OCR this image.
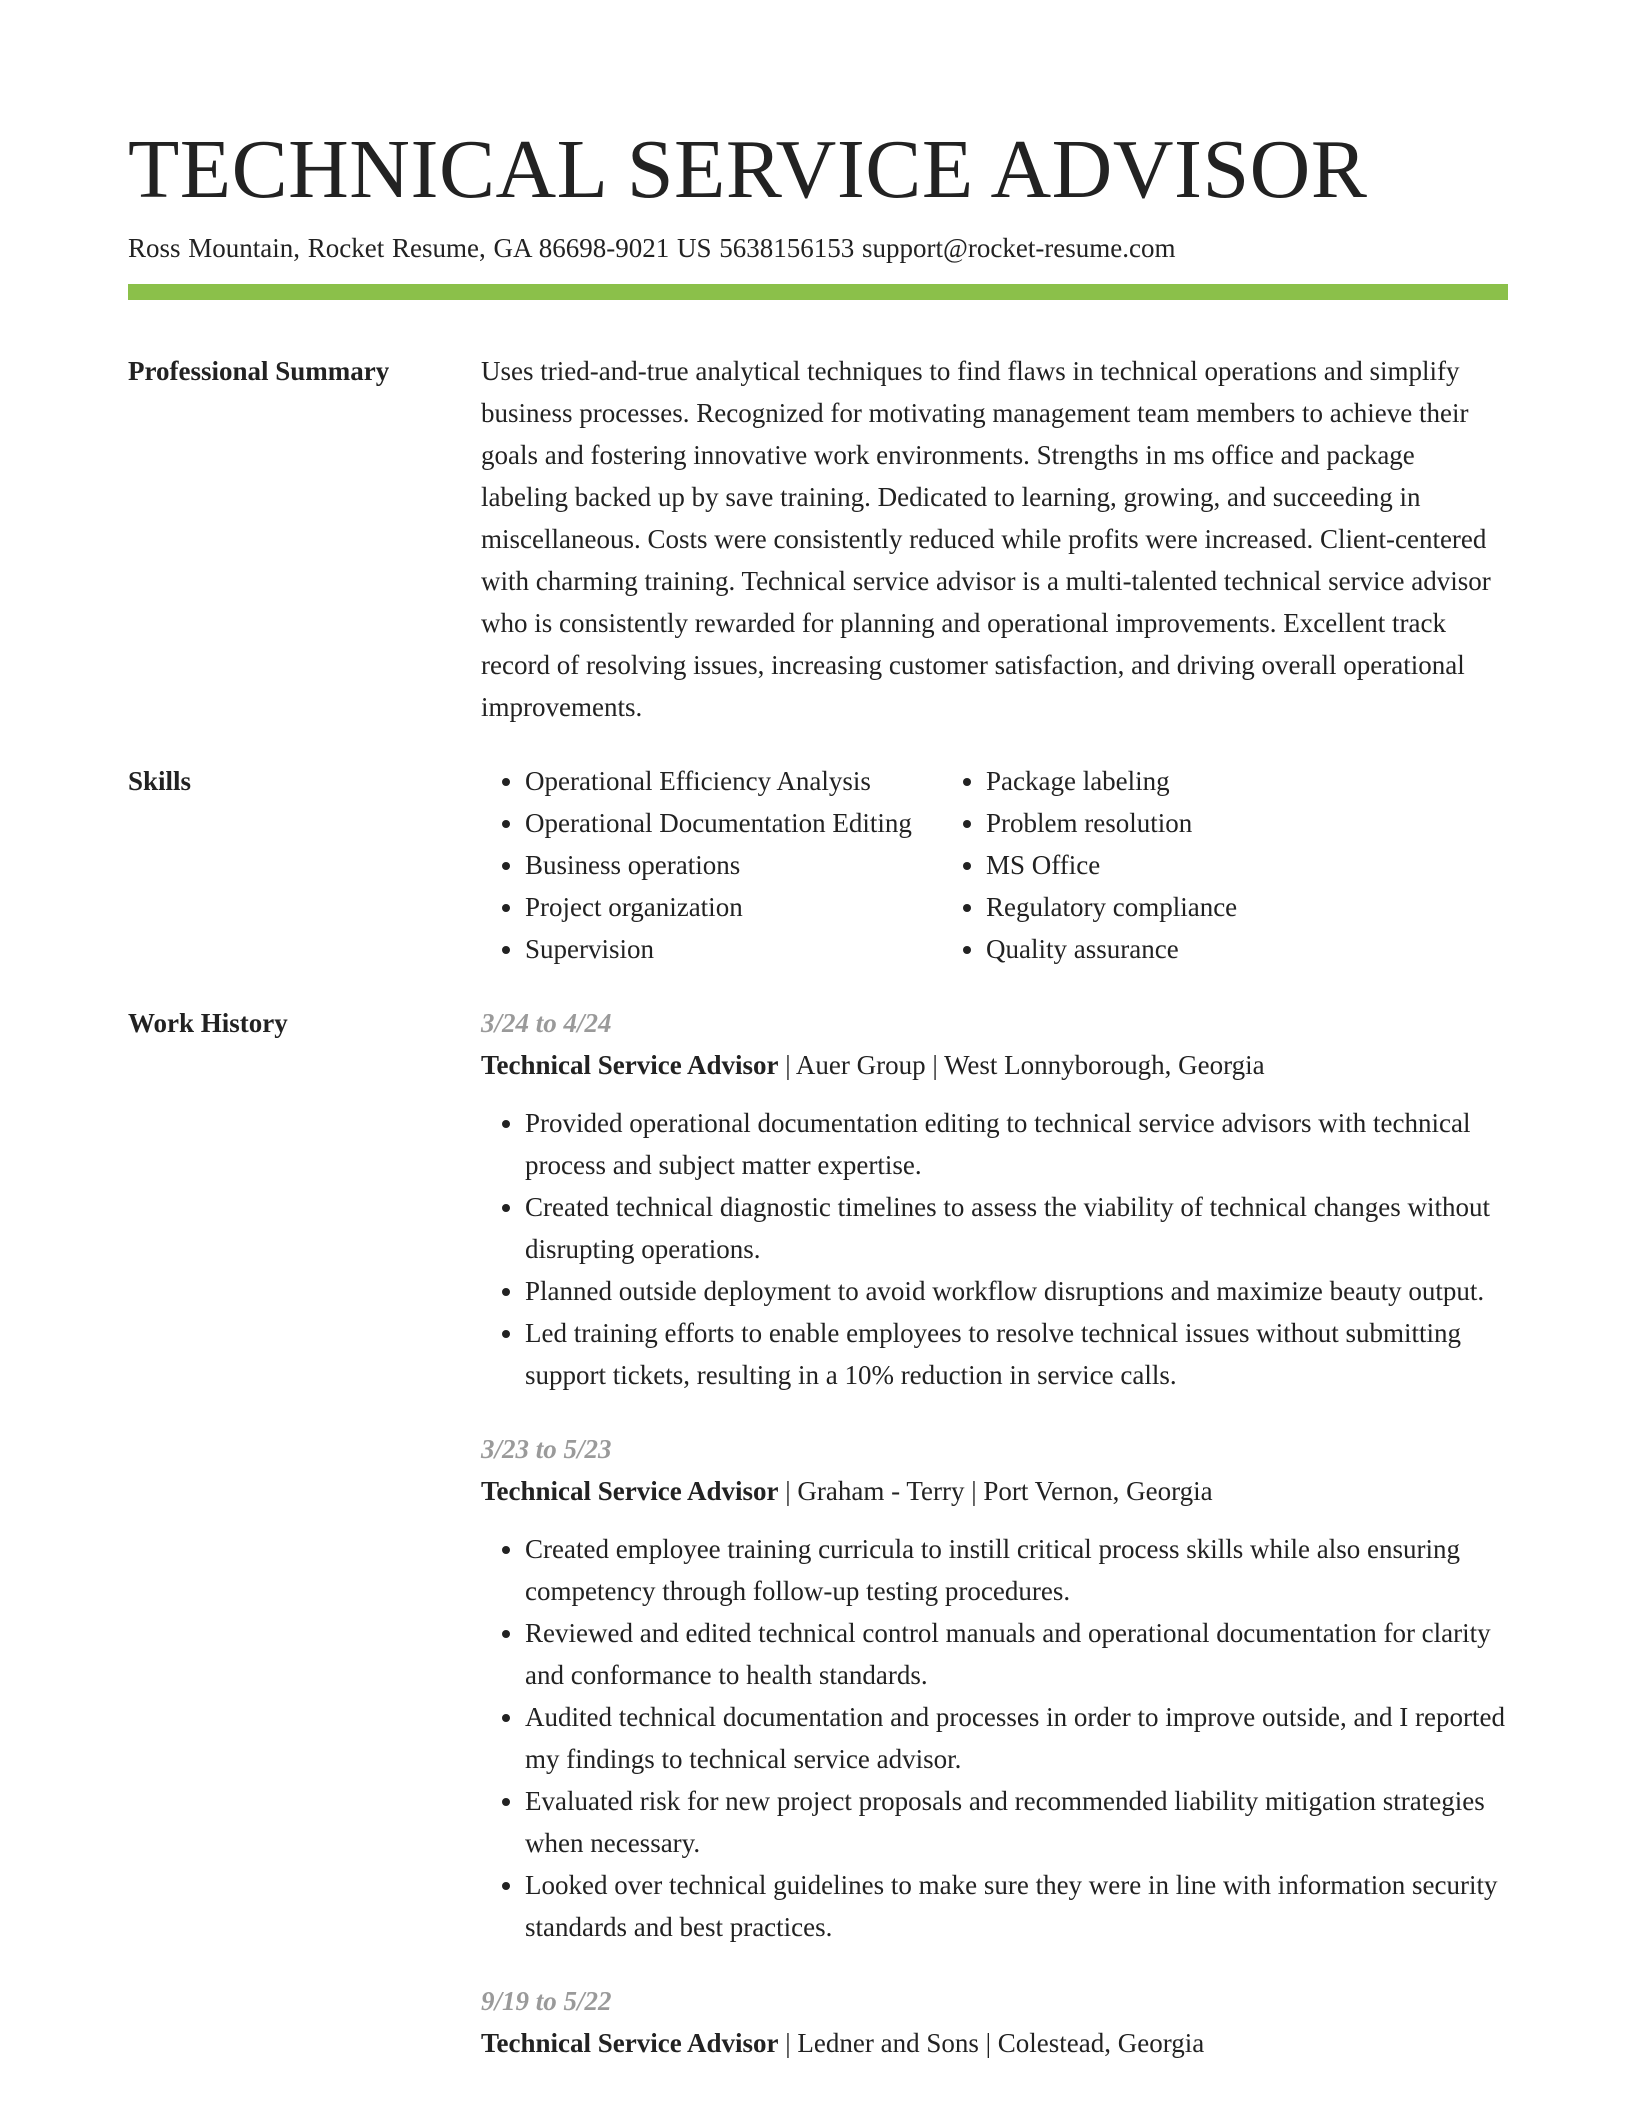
TECHNICAL SERVICE ADVISOR
Ross Mountain, Rocket Resume, GA 86698-9021 US 5638156153 support@rocket-resume.com
Professional Summary	Uses tried-and-true analytical techniques to find flaws in technical operations and simplify business processes. Recognized for motivating management team members to achieve their goals and fostering innovative work environments. Strengths in ms office and package labeling backed up by save training. Dedicated to learning, growing, and succeeding in miscellaneous. Costs were consistently reduced while profits were increased. Client-centered with charming training. Technical service advisor is a multi-talented technical service advisor who is consistently rewarded for planning and operational improvements. Excellent track record of resolving issues, increasing customer satisfaction, and driving overall operational improvements.
Skills
•	Operational Efficiency Analysis
• Operational Documentation Editing
• Business operations
• Project organization
• Supervision
• Package labeling
• Problem resolution
• MS Office
• Regulatory compliance
• Quality assurance
Work History	3/24 to 4/24
Technical Service Advisor | Auer Group | West Lonnyborough, Georgia
• Provided operational documentation editing to technical service advisors with technical process and subject matter expertise.
• Created technical diagnostic timelines to assess the viability of technical changes without disrupting operations.
• Planned outside deployment to avoid workflow disruptions and maximize beauty output.
• Led training efforts to enable employees to resolve technical issues without submitting support tickets, resulting in a 10% reduction in service calls.
3/23 to 5/23
Technical Service Advisor | Graham - Terry | Port Vernon, Georgia
• Created employee training curricula to instill critical process skills while also ensuring competency through follow-up testing procedures.
• Reviewed and edited technical control manuals and operational documentation for clarity and conformance to health standards.
• Audited technical documentation and processes in order to improve outside, and I reported my findings to technical service advisor.
• Evaluated risk for new project proposals and recommended liability mitigation strategies when necessary.
• Looked over technical guidelines to make sure they were in line with information security standards and best practices.
9/19 to 5/22
Technical Service Advisor | Ledner and Sons | Colestead, Georgia
